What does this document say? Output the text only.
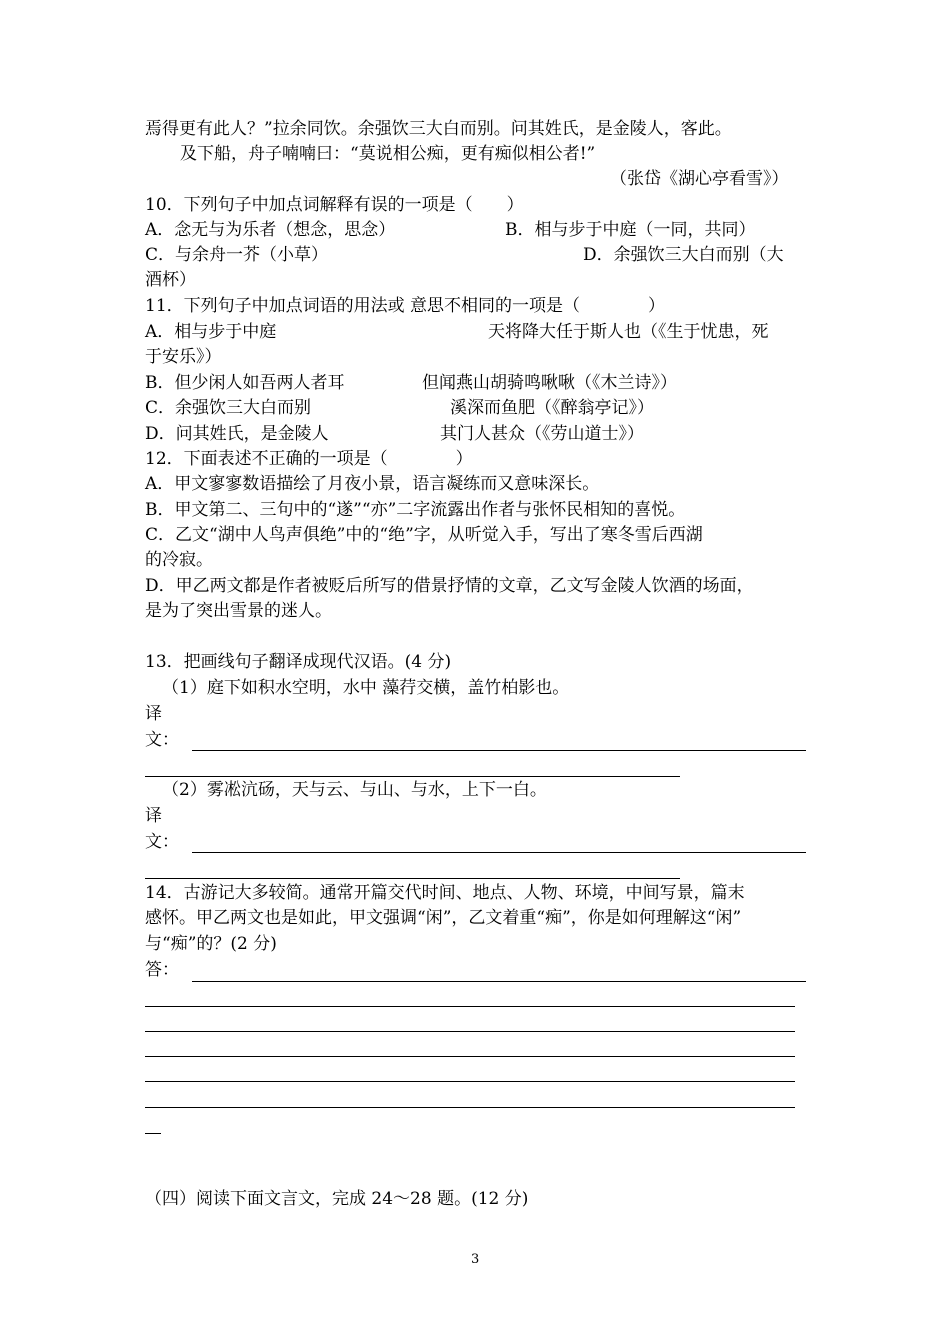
焉得更有此人？”拉余同饮。余强饮三大白而别。问其姓氏，是金陵人，客此。
及下船，舟子喃喃曰：“莫说相公痴，更有痴似相公者!”
（张岱《湖心亭看雪》）
10．下列句子中加点词解释有误的一项是（　　）
A．念无与为乐者（想念，思念）	B．相与步于中庭（一同，共同）
C．与余舟一芥（小草）	D．余强饮三大白而别（大
酒杯）
11．下列句子中加点词语的用法或 意思不相同的一项是（　　　　）
A．相与步于中庭	天将降大任于斯人也（《生于忧患，死
于安乐》）
B．但少闲人如吾两人者耳	但闻燕山胡骑鸣啾啾（《木兰诗》）
C．余强饮三大白而别	溪深而鱼肥（《醉翁亭记》）
D．问其姓氏，是金陵人	其门人甚众（《劳山道士》）
12．下面表述不正确的一项是（　　　　）
A．甲文寥寥数语描绘了月夜小景，语言凝练而又意味深长。
B．甲文第二、三句中的“遂”“亦”二字流露出作者与张怀民相知的喜悦。
C．乙文“湖中人鸟声俱绝”中的“绝”字，从听觉入手，写出了寒冬雪后西湖
的冷寂。
D．甲乙两文都是作者被贬后所写的借景抒情的文章，乙文写金陵人饮酒的场面，
是为了突出雪景的迷人。
13．把画线句子翻译成现代汉语。(4 分)
（1）庭下如积水空明，水中 藻荇交横，盖竹柏影也。
译
文：
（2）雾凇沆砀，天与云、与山、与水，上下一白。
译
文：
14．古游记大多较简。通常开篇交代时间、地点、人物、环境，中间写景，篇末
感怀。甲乙两文也是如此，甲文强调“闲”，乙文着重“痴”，你是如何理解这“闲”
与“痴”的？(2 分)
答：
（四）阅读下面文言文，完成 24～28 题。(12 分)
3
